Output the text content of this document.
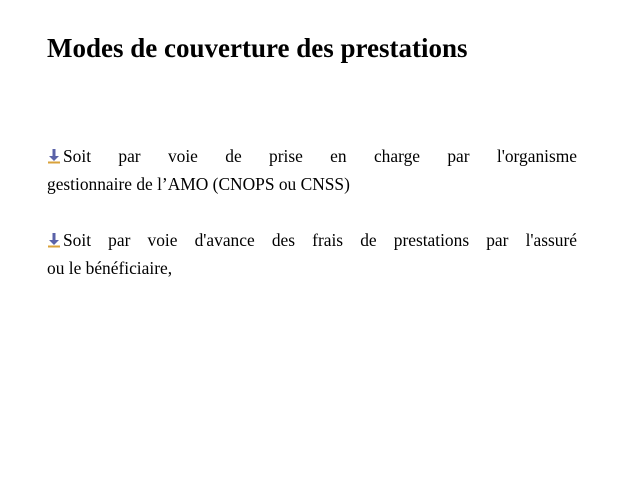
Modes de couverture des prestations

Soit par voie de prise en charge par l'organisme
gestionnaire de l’AMO (CNOPS ou CNSS)

Soit par voie d'avance des frais de prestations par l'assuré
ou le bénéficiaire,
